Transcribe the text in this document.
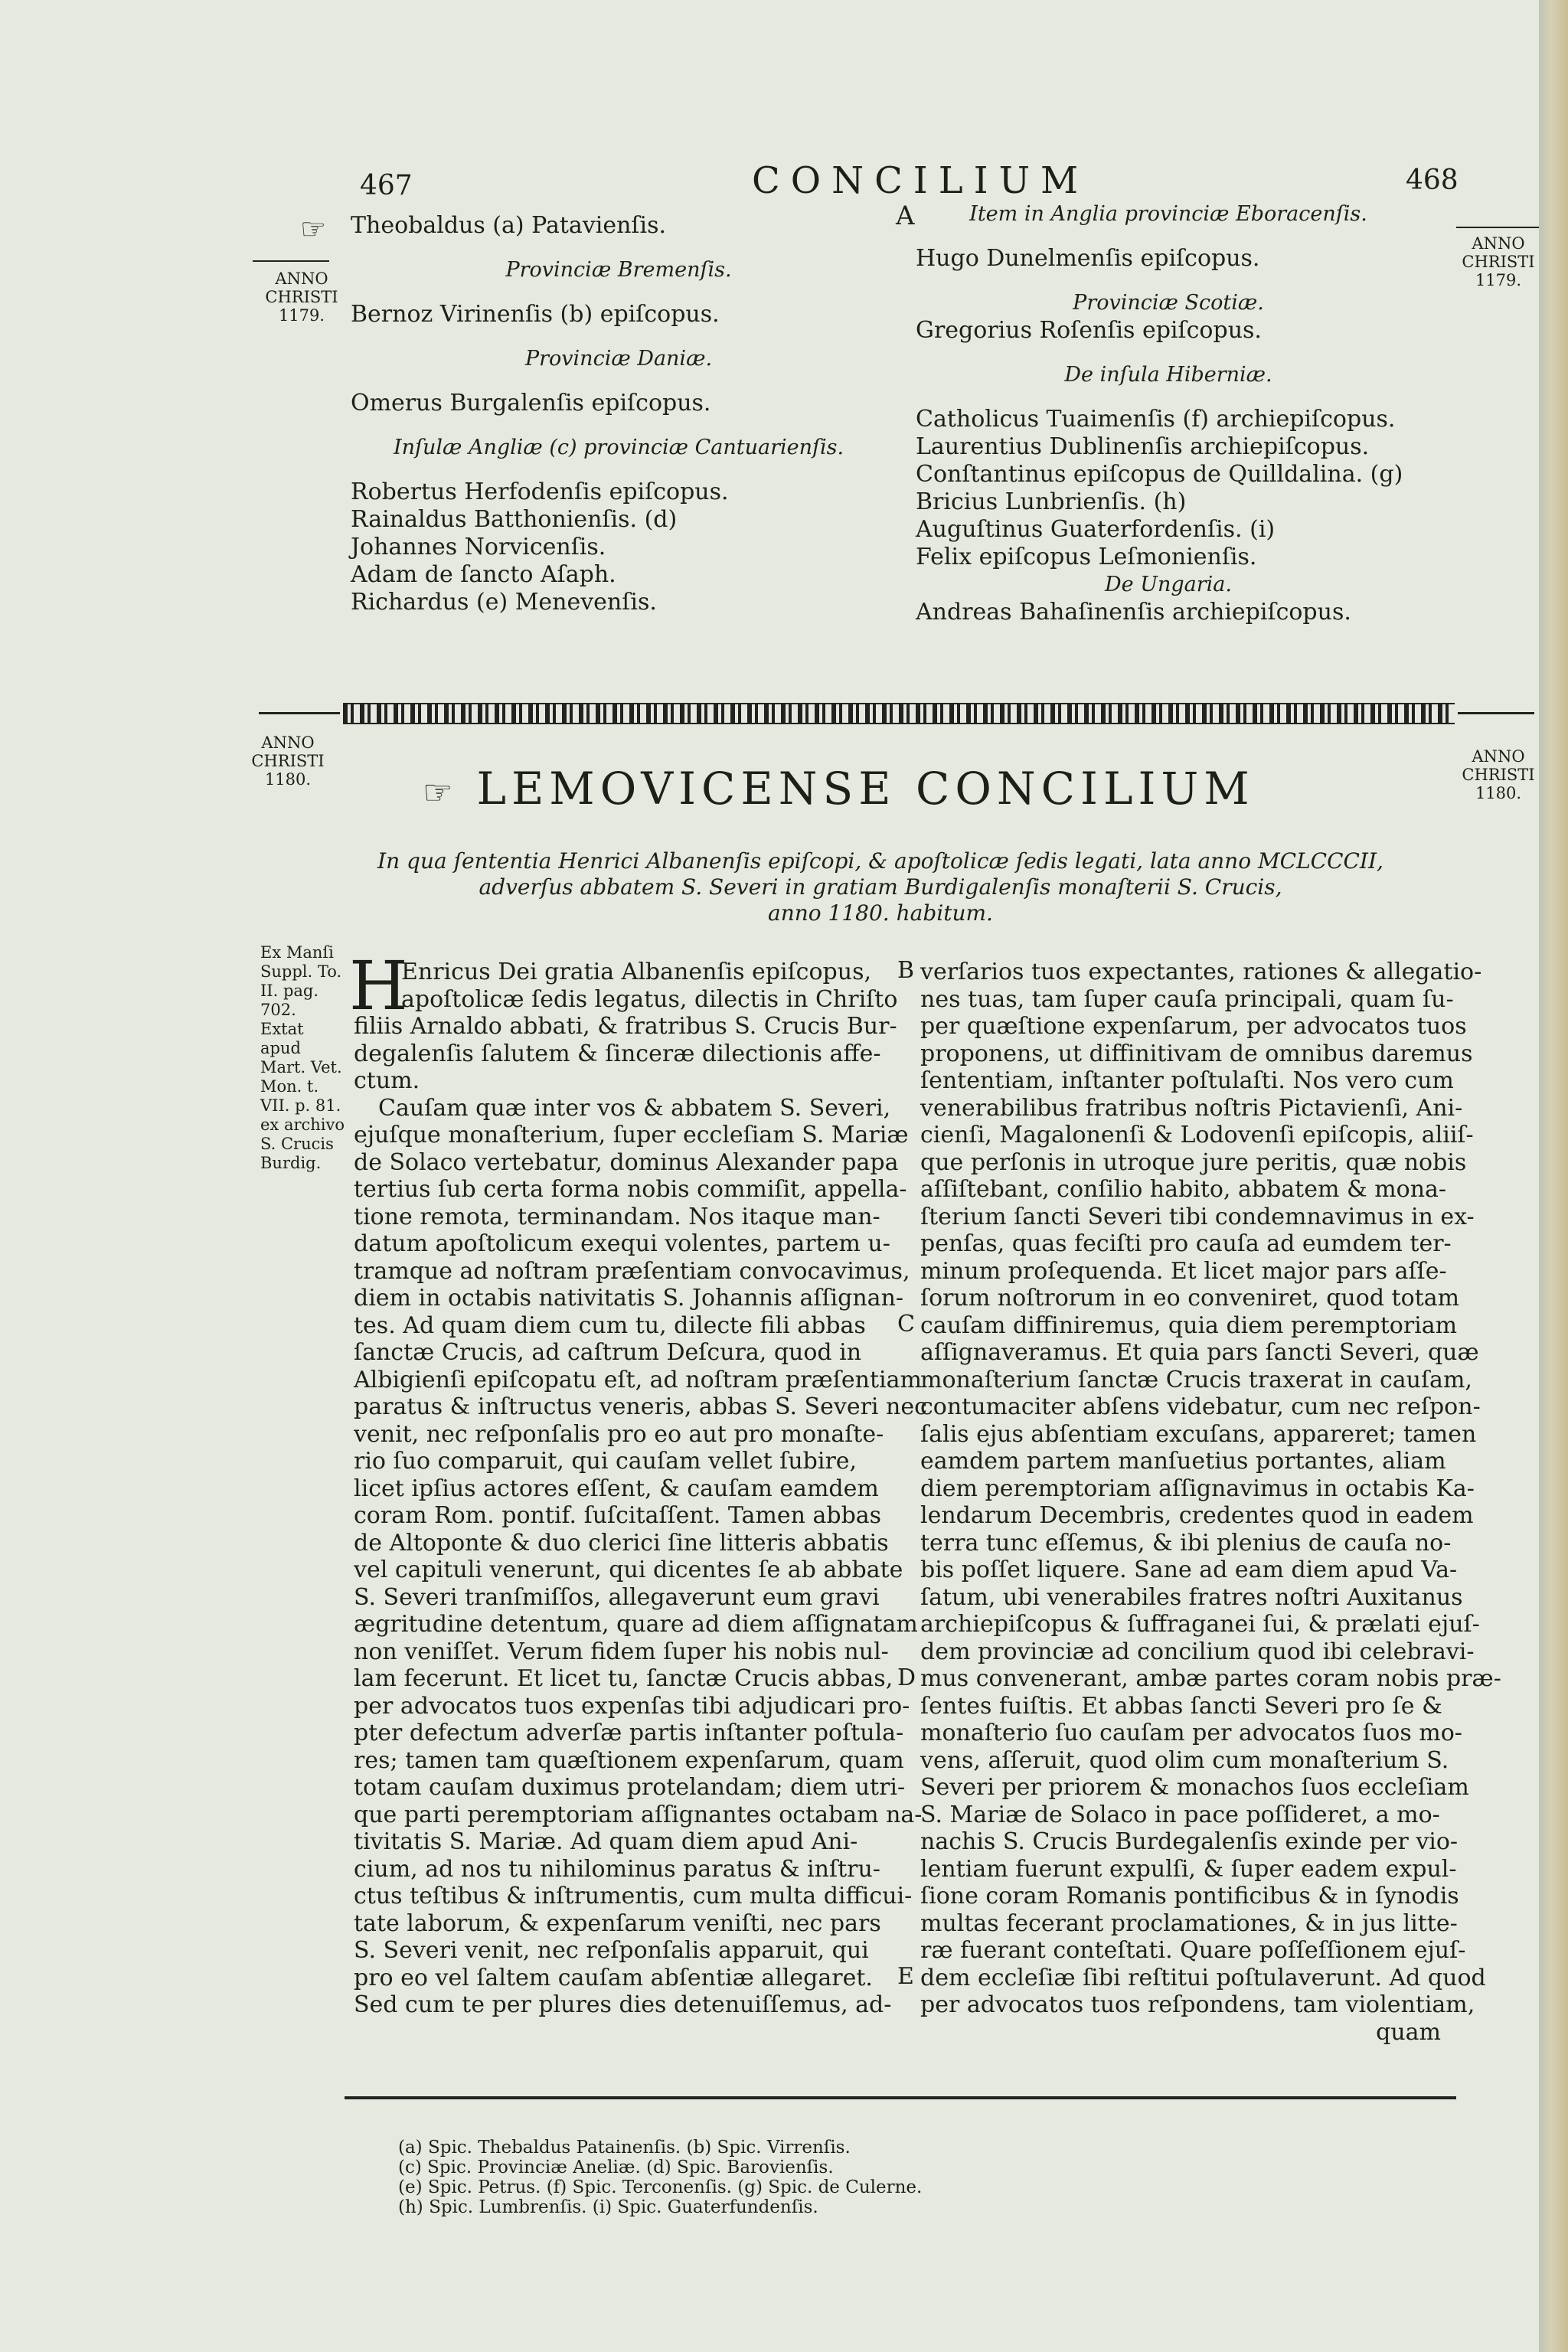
467	CONCILIUM	468
A
ANNO
CHRISTI
1179.
ANNO
CHRISTI
1179.
☞ Theobaldus (a) Patavienſis.
Provinciæ Bremenſis.
Bernoz Virinenſis (b) epiſcopus.
Provinciæ Daniæ.
Omerus Burgalenſis epiſcopus.
Inſulæ Angliæ (c) provinciæ Cantuarienſis.
Robertus Herfodenſis epiſcopus.
Rainaldus Batthonienſis. (d)
Johannes Norvicenſis.
Adam de ſancto Aſaph.
Richardus (e) Menevenſis.
Item in Anglia provinciæ Eboracenſis.
Hugo Dunelmenſis epiſcopus.
Provinciæ Scotiæ.
Gregorius Roſenſis epiſcopus.
De inſula Hiberniæ.
Catholicus Tuaimenſis (f) archiepiſcopus.
Laurentius Dublinenſis archiepiſcopus.
Conſtantinus epiſcopus de Quilldalina. (g)
Bricius Lunbrienſis. (h)
Auguſtinus Guaterfordenſis. (i)
Felix epiſcopus Leſmonienſis.
De Ungaria.
Andreas Bahaſinenſis archiepiſcopus.
ANNO
CHRISTI
1180.
ANNO
CHRISTI
1180.
☞ LEMOVICENSE CONCILIUM
In qua ſententia Henrici Albanenſis epiſcopi, & apoſtolicæ ſedis legati, lata anno MCLCCCII,
adverſus abbatem S. Severi in gratiam Burdigalenſis monaſterii S. Crucis,
anno 1180. habitum.
Ex Manſi
Suppl. To.
II. pag. 702.
Extat apud
Mart. Vet.
Mon. t.
VII. p. 81.
ex archivo
S. Crucis
Burdig.
H
Enricus Dei gratia Albanenſis epiſcopus,
apoſtolicæ ſedis legatus, dilectis in Chriſto
filiis Arnaldo abbati, & fratribus S. Crucis Bur-
degalenſis ſalutem & ſinceræ dilectionis affe-
ctum.
Cauſam quæ inter vos & abbatem S. Severi,
ejuſque monaſterium, ſuper eccleſiam S. Mariæ
de Solaco vertebatur, dominus Alexander papa
tertius ſub certa forma nobis commiſit, appella-
tione remota, terminandam. Nos itaque man-
datum apoſtolicum exequi volentes, partem u-
tramque ad noſtram præſentiam convocavimus,
diem in octabis nativitatis S. Johannis aſſignan-
tes. Ad quam diem cum tu, dilecte fili abbas
ſanctæ Crucis, ad caſtrum Deſcura, quod in
Albigienſi epiſcopatu eſt, ad noſtram præſentiam
paratus & inſtructus veneris, abbas S. Severi nec
venit, nec reſponſalis pro eo aut pro monaſte-
rio ſuo comparuit, qui cauſam vellet ſubire,
licet ipſius actores eſſent, & cauſam eamdem
coram Rom. pontif. ſuſcitaſſent. Tamen abbas
de Altoponte & duo clerici ſine litteris abbatis
vel capituli venerunt, qui dicentes ſe ab abbate
S. Severi tranſmiſſos, allegaverunt eum gravi
ægritudine detentum, quare ad diem aſſignatam
non veniſſet. Verum fidem ſuper his nobis nul-
lam fecerunt. Et licet tu, ſanctæ Crucis abbas,
per advocatos tuos expenſas tibi adjudicari pro-
pter defectum adverſæ partis inſtanter poſtula-
res; tamen tam quæſtionem expenſarum, quam
totam cauſam duximus protelandam; diem utri-
que parti peremptoriam aſſignantes octabam na-
tivitatis S. Mariæ. Ad quam diem apud Ani-
cium, ad nos tu nihilominus paratus & inſtru-
ctus teſtibus & inſtrumentis, cum multa difficui-
tate laborum, & expenſarum veniſti, nec pars
S. Severi venit, nec reſponſalis apparuit, qui
pro eo vel ſaltem cauſam abſentiæ allegaret.
Sed cum te per plures dies detenuiſſemus, ad-
verſarios tuos expectantes, rationes & allegatio-
nes tuas, tam ſuper cauſa principali, quam ſu-
per quæſtione expenſarum, per advocatos tuos
proponens, ut diffinitivam de omnibus daremus
ſententiam, inſtanter poſtulaſti. Nos vero cum
venerabilibus fratribus noſtris Pictavienſi, Ani-
cienſi, Magalonenſi & Lodovenſi epiſcopis, aliiſ-
que perſonis in utroque jure peritis, quæ nobis
aſſiſtebant, conſilio habito, abbatem & mona-
ſterium ſancti Severi tibi condemnavimus in ex-
penſas, quas feciſti pro cauſa ad eumdem ter-
minum proſequenda. Et licet major pars aſſe-
ſorum noſtrorum in eo conveniret, quod totam
cauſam diffiniremus, quia diem peremptoriam
aſſignaveramus. Et quia pars ſancti Severi, quæ
monaſterium ſanctæ Crucis traxerat in cauſam,
contumaciter abſens videbatur, cum nec reſpon-
ſalis ejus abſentiam excuſans, appareret; tamen
eamdem partem manſuetius portantes, aliam
diem peremptoriam aſſignavimus in octabis Ka-
lendarum Decembris, credentes quod in eadem
terra tunc eſſemus, & ibi plenius de cauſa no-
bis poſſet liquere. Sane ad eam diem apud Va-
ſatum, ubi venerabiles fratres noſtri Auxitanus
archiepiſcopus & ſuffraganei ſui, & prælati ejuſ-
dem provinciæ ad concilium quod ibi celebravi-
mus convenerant, ambæ partes coram nobis præ-
ſentes fuiſtis. Et abbas ſancti Severi pro ſe &
monaſterio ſuo cauſam per advocatos ſuos mo-
vens, aſſeruit, quod olim cum monaſterium S.
Severi per priorem & monachos ſuos eccleſiam
S. Mariæ de Solaco in pace poſſideret, a mo-
nachis S. Crucis Burdegalenſis exinde per vio-
lentiam fuerunt expulſi, & ſuper eadem expul-
ſione coram Romanis pontificibus & in ſynodis
multas fecerant proclamationes, & in jus litte-
ræ fuerant conteſtati. Quare poſſeſſionem ejuſ-
dem eccleſiæ ſibi reſtitui poſtulaverunt. Ad quod
per advocatos tuos reſpondens, tam violentiam,
quam
B
C
D
E
(a) Spic. Thebaldus Patainenſis. (b) Spic. Virrenſis.
(c) Spic. Provinciæ Aneliæ. (d) Spic. Barovienſis.
(e) Spic. Petrus. (f) Spic. Terconenſis. (g) Spic. de Culerne.
(h) Spic. Lumbrenſis. (i) Spic. Guaterfundenſis.
